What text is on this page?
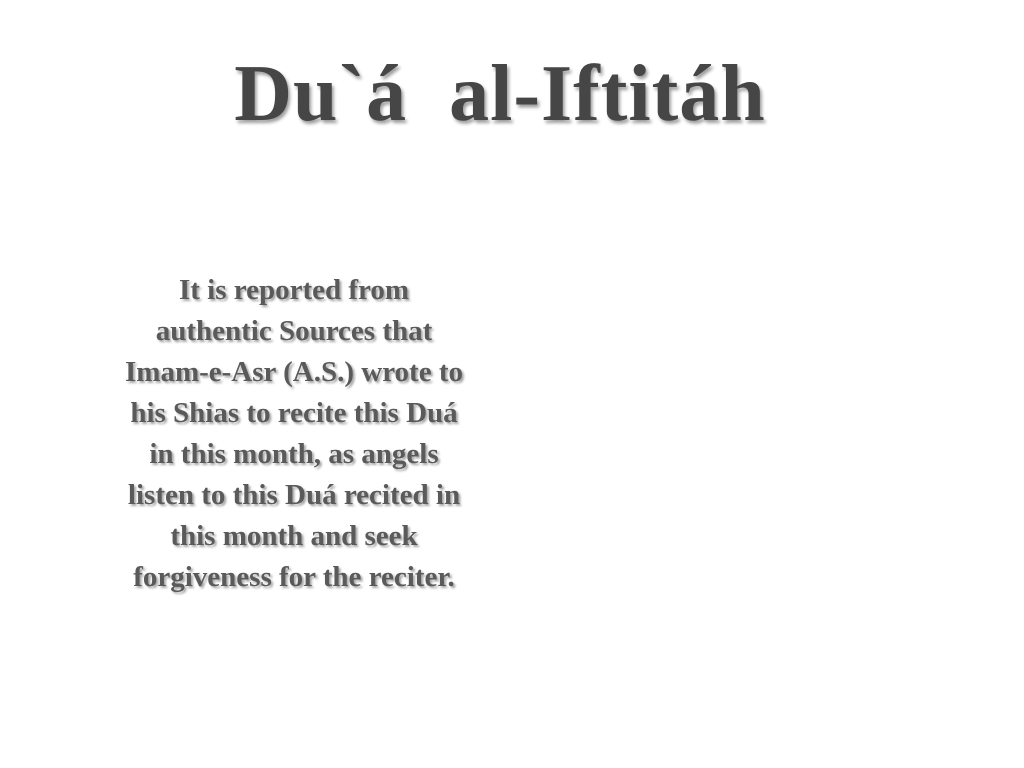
Du`á  al-Iftitáh
It is reported from
authentic Sources that
Imam-e-Asr (A.S.) wrote to
his Shias to recite this Duá
in this month, as angels
listen to this Duá recited in
this month and seek
forgiveness for the reciter.
